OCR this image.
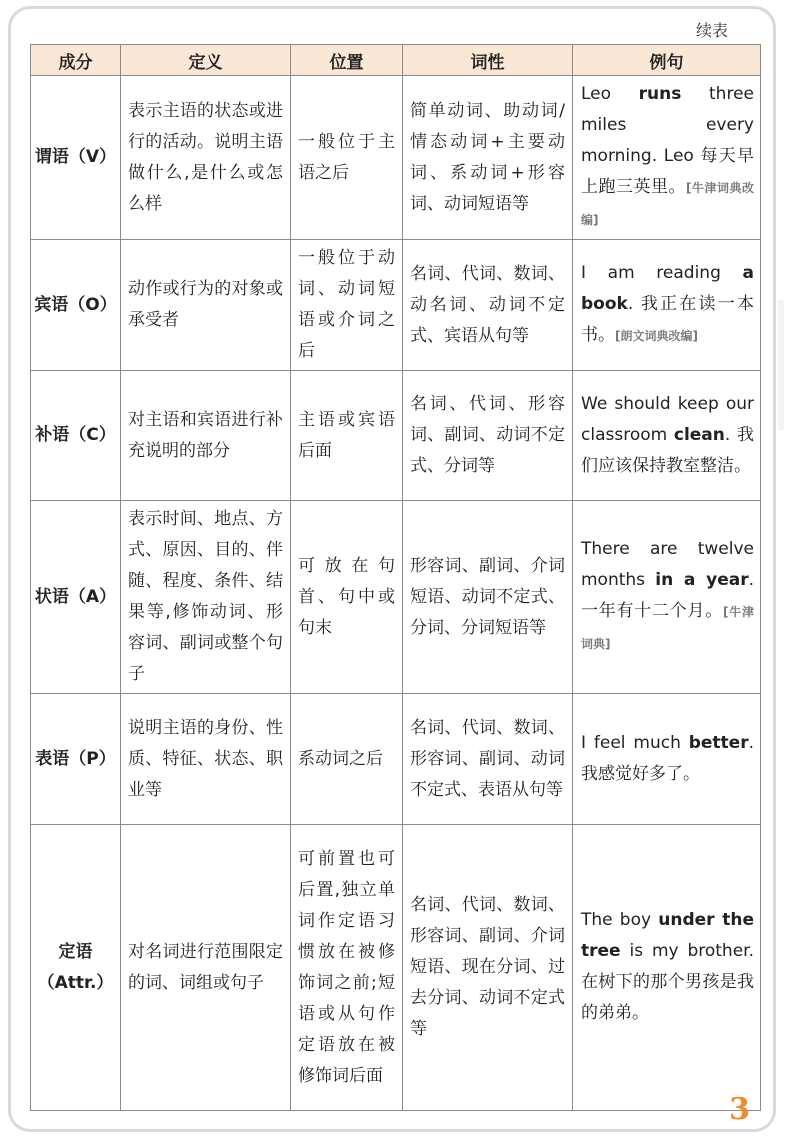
续表
成分	定义	位置	词性	例句
谓语（V）	表示主语的状态或进行的活动。说明主语做什么,是什么或怎么样	一般位于主语之后	简单动词、助动词/情态动词+主要动词、系动词+形容词、动词短语等	Leo runs three miles every morning. Leo 每天早上跑三英里。[牛津词典改编]
宾语（O）	动作或行为的对象或承受者	一般位于动词、动词短语或介词之后	名词、代词、数词、动名词、动词不定式、宾语从句等	I am reading a book. 我正在读一本书。[朗文词典改编]
补语（C）	对主语和宾语进行补充说明的部分	主语或宾语后面	名词、代词、形容词、副词、动词不定式、分词等	We should keep our classroom clean. 我们应该保持教室整洁。
状语（A）	表示时间、地点、方式、原因、目的、伴随、程度、条件、结果等,修饰动词、形容词、副词或整个句子	可放在句首、句中或句末	形容词、副词、介词短语、动词不定式、分词、分词短语等	There are twelve months in a year. 一年有十二个月。[牛津词典]
表语（P）	说明主语的身份、性质、特征、状态、职业等	系动词之后	名词、代词、数词、形容词、副词、动词不定式、表语从句等	I feel much better. 我感觉好多了。
定语（Attr.）	对名词进行范围限定的词、词组或句子	可前置也可后置,独立单词作定语习惯放在被修饰词之前;短语或从句作定语放在被修饰词后面	名词、代词、数词、形容词、副词、介词短语、现在分词、过去分词、动词不定式等	The boy under the tree is my brother. 在树下的那个男孩是我的弟弟。
3
